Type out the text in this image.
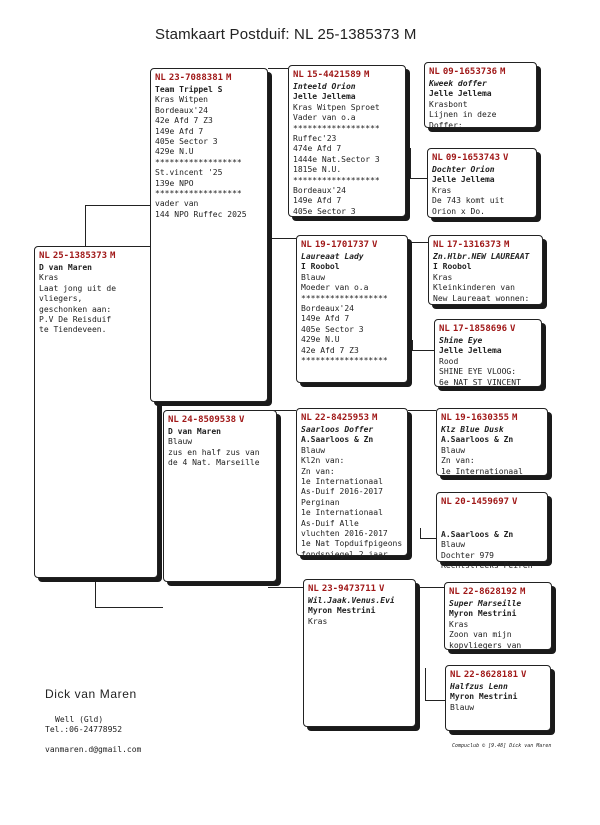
Stamkaart Postduif: NL 25-1385373 M
NL 25-1385373 M
D van Maren
Kras
Laat jong uit de
vliegers,
geschonken aan:
P.V De Reisduif
te Tiendeveen.
NL 23-7088381 M
Team Trippel S
Kras Witpen
Bordeaux'24
42e Afd 7 Z3
149e Afd 7
405e Sector 3
429e N.U
******************
St.vincent '25
139e NPO
******************
vader van
144 NPO Ruffec 2025
NL 24-8509538 V
D van Maren
Blauw
zus en half zus van
de 4 Nat. Marseille
NL 15-4421589 M
Inteeld Orion
Jelle Jellema
Kras Witpen Sproet
Vader van o.a
******************
Ruffec'23
474e Afd 7
1444e Nat.Sector 3
1815e N.U.
******************
Bordeaux'24
149e Afd 7
405e Sector 3
NL 19-1701737 V
Laureaat Lady
I Roobol
Blauw
Moeder van o.a
******************
Bordeaux'24
149e Afd 7
405e Sector 3
429e N.U
42e Afd 7 Z3
******************
NL 22-8425953 M
Saarloos Doffer
A.Saarloos & Zn
Blauw
Kl2n van:
Zn van:
1e Internationaal
As-Duif 2016-2017
Perginan
1e Internationaal
As-Duif Alle
vluchten 2016-2017
1e Nat Topduifpigeons
fondspiegel 2 jaar
NL 23-9473711 V
Wil.Jaak.Venus.Evi
Myron Mestrini
Kras
NL 09-1653736 M
Kweek doffer
Jelle Jellema
Krasbont
Lijnen in deze
Doffer:
NL 09-1653743 V
Dochter Orion
Jelle Jellema
Kras
De 743 komt uit
Orion x Do.
NL 17-1316373 M
Zn.Hlbr.NEW LAUREAAT
I Roobol
Kras
Kleinkinderen van
New Laureaat wonnen:
NL 17-1858696 V
Shine Eye
Jelle Jellema
Rood
SHINE EYE VLOOG:
6e NAT ST VINCENT
NL 19-1630355 M
Klz Blue Dusk
A.Saarloos & Zn
Blauw
Zn van:
1e Internationaal
NL 20-1459697 V

A.Saarloos & Zn
Blauw
Dochter 979
Rechtstreeks Peiren
NL 22-8628192 M
Super Marseille
Myron Mestrini
Kras
Zoon van mijn
kopvliegers van
NL 22-8628181 V
Halfzus Lenn
Myron Mestrini
Blauw
Dick van Maren
Well (Gld)
Tel.:06-24778952
vanmaren.d@gmail.com	Compuclub © [9.48] Dick van Maren
